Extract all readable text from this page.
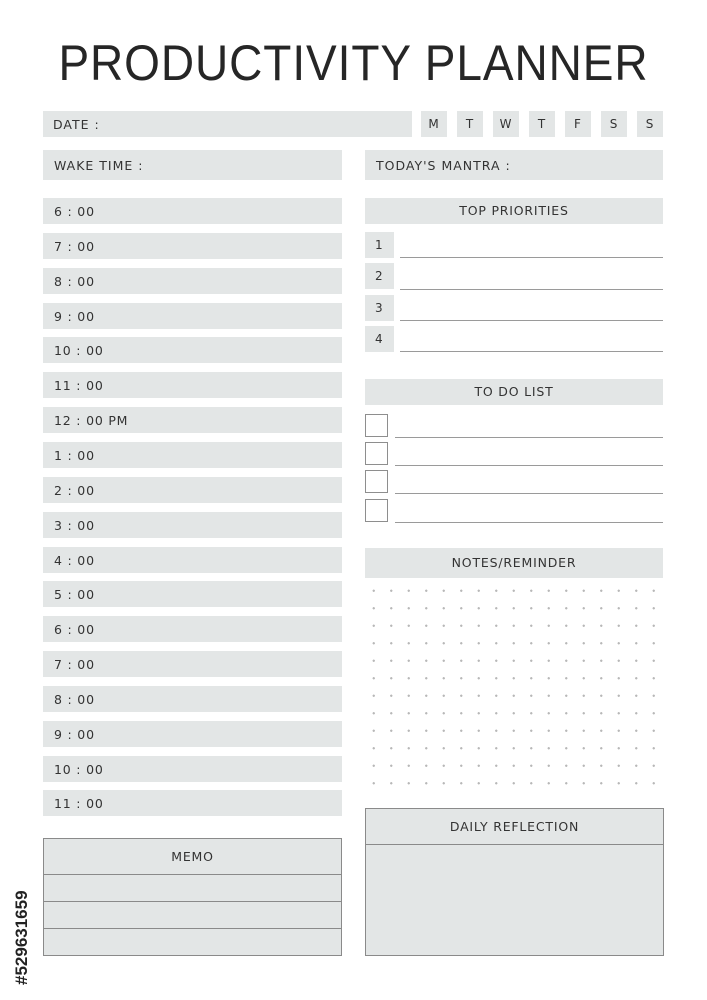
PRODUCTIVITY PLANNER
DATE :	M	T	W	T	F	S	S
WAKE TIME :	TODAY'S MANTRA :
6 : 00
7 : 00
8 : 00
9 : 00
10 : 00
11 : 00
12 : 00 PM
1 : 00
2 : 00
3 : 00
4 : 00
5 : 00
6 : 00
7 : 00
8 : 00
9 : 00
10 : 00
11 : 00
TOP PRIORITIES
1
2
3
4
TO DO LIST
NOTES/REMINDER
MEMO
DAILY REFLECTION
#529631659
